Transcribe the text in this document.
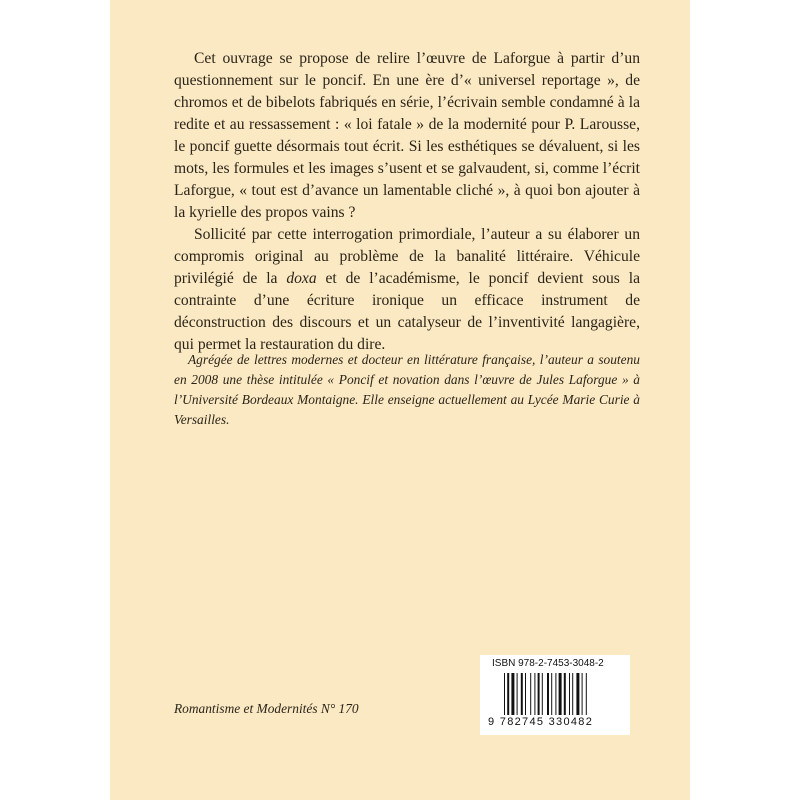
Cet ouvrage se propose de relire l’œuvre de Laforgue à partir d’un questionnement sur le poncif. En une ère d’« universel reportage », de chromos et de bibelots fabriqués en série, l’écrivain semble condamné à la redite et au ressassement : « loi fatale » de la modernité pour P. Larousse, le poncif guette désormais tout écrit. Si les esthétiques se dévaluent, si les mots, les formules et les images s’usent et se galvaudent, si, comme l’écrit Laforgue, « tout est d’avance un lamentable cliché », à quoi bon ajouter à la kyrielle des propos vains ?

Sollicité par cette interrogation primordiale, l’auteur a su élaborer un compromis original au problème de la banalité littéraire. Véhicule privilégié de la doxa et de l’académisme, le poncif devient sous la contrainte d’une écriture ironique un efficace instrument de déconstruction des discours et un catalyseur de l’inventivité langagière, qui permet la restauration du dire.

Agrégée de lettres modernes et docteur en littérature française, l’auteur a soutenu en 2008 une thèse intitulée « Poncif et novation dans l’œuvre de Jules Laforgue » à l’Université Bordeaux Montaigne. Elle enseigne actuellement au Lycée Marie Curie à Versailles.
Romantisme et Modernités N° 170
ISBN 978-2-7453-3048-2
9 782745 330482
